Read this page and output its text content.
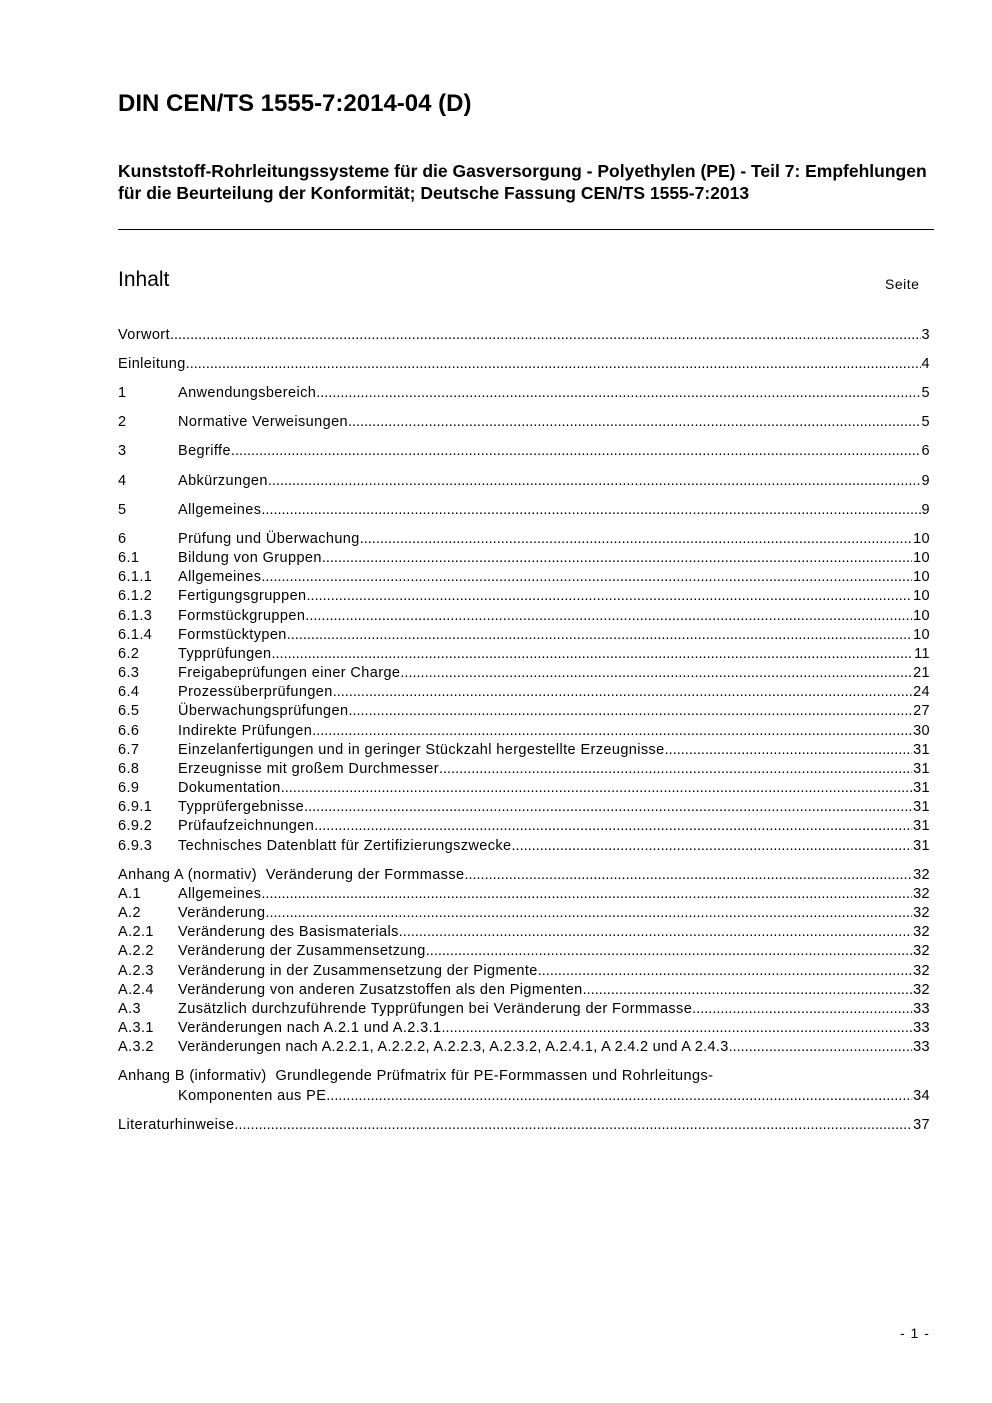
DIN CEN/TS 1555-7:2014-04 (D)
Kunststoff-Rohrleitungssysteme für die Gasversorgung - Polyethylen (PE) - Teil 7: Empfehlungen für die Beurteilung der Konformität; Deutsche Fassung CEN/TS 1555-7:2013
Inhalt	Seite
Vorwort .....	3
Einleitung .....	4
1	Anwendungsbereich .....	5
2	Normative Verweisungen .....	5
3	Begriffe .....	6
4	Abkürzungen .....	9
5	Allgemeines .....	9
6	Prüfung und Überwachung .....	10
6.1	Bildung von Gruppen .....	10
6.1.1	Allgemeines .....	10
6.1.2	Fertigungsgruppen .....	10
6.1.3	Formstückgruppen .....	10
6.1.4	Formstücktypen .....	10
6.2	Typprüfungen .....	11
6.3	Freigabeprüfungen einer Charge .....	21
6.4	Prozessüberprüfungen .....	24
6.5	Überwachungsprüfungen .....	27
6.6	Indirekte Prüfungen .....	30
6.7	Einzelanfertigungen und in geringer Stückzahl hergestellte Erzeugnisse .....	31
6.8	Erzeugnisse mit großem Durchmesser .....	31
6.9	Dokumentation .....	31
6.9.1	Typprüfergebnisse .....	31
6.9.2	Prüfaufzeichnungen .....	31
6.9.3	Technisches Datenblatt für Zertifizierungszwecke .....	31
Anhang A (normativ)  Veränderung der Formmasse .....	32
A.1	Allgemeines .....	32
A.2	Veränderung .....	32
A.2.1	Veränderung des Basismaterials .....	32
A.2.2	Veränderung der Zusammensetzung .....	32
A.2.3	Veränderung in der Zusammensetzung der Pigmente .....	32
A.2.4	Veränderung von anderen Zusatzstoffen als den Pigmenten .....	32
A.3	Zusätzlich durchzuführende Typprüfungen bei Veränderung der Formmasse .....	33
A.3.1	Veränderungen nach A.2.1 und A.2.3.1 .....	33
A.3.2	Veränderungen nach A.2.2.1, A.2.2.2, A.2.2.3, A.2.3.2, A.2.4.1, A 2.4.2 und A 2.4.3 .....	33
Anhang B (informativ)  Grundlegende Prüfmatrix für PE-Formmassen und Rohrleitungs-
Komponenten aus PE .....	34
Literaturhinweise .....	37
- 1 -
